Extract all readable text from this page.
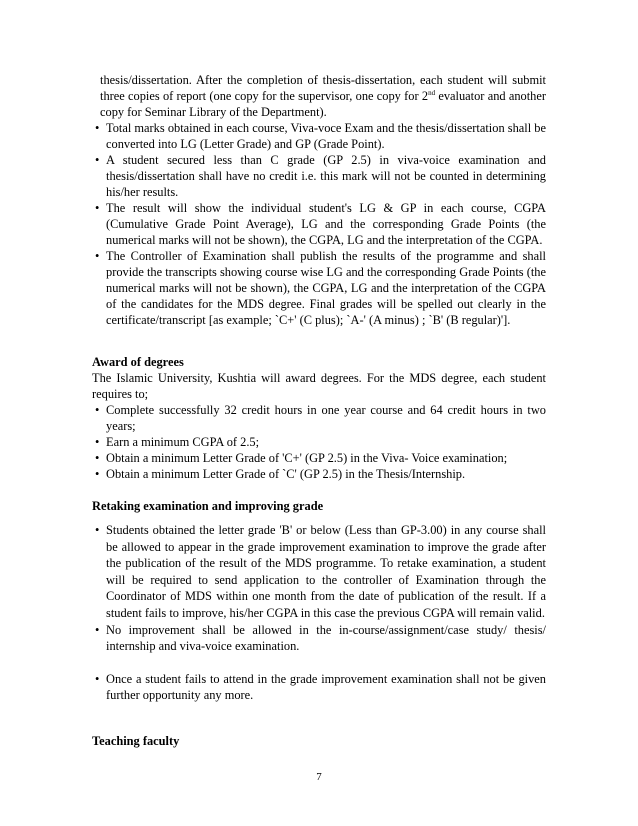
thesis/dissertation. After the completion of thesis-dissertation, each student will submit three copies of report (one copy for the supervisor, one copy for 2nd evaluator and another copy for Seminar Library of the Department).

• Total marks obtained in each course, Viva-voce Exam and the thesis/dissertation shall be converted into LG (Letter Grade) and GP (Grade Point).
• A student secured less than C grade (GP 2.5) in viva-voice examination and thesis/dissertation shall have no credit i.e. this mark will not be counted in determining his/her results.
• The result will show the individual student's LG & GP in each course, CGPA (Cumulative Grade Point Average), LG and the corresponding Grade Points (the numerical marks will not be shown), the CGPA, LG and the interpretation of the CGPA.
• The Controller of Examination shall publish the results of the programme and shall provide the transcripts showing course wise LG and the corresponding Grade Points (the numerical marks will not be shown), the CGPA, LG and the interpretation of the CGPA of the candidates for the MDS degree. Final grades will be spelled out clearly in the certificate/transcript [as example; `C+' (C plus); `A-' (A minus) ; `B' (B regular)'].
Award of degrees

The Islamic University, Kushtia will award degrees. For the MDS degree, each student requires to;

• Complete successfully 32 credit hours in one year course and 64 credit hours in two years;
• Earn a minimum CGPA of 2.5;
• Obtain a minimum Letter Grade of 'C+' (GP 2.5) in the Viva- Voice examination;
• Obtain a minimum Letter Grade of `C' (GP 2.5) in the Thesis/Internship.
Retaking examination and improving grade
• Students obtained the letter grade 'B' or below (Less than GP-3.00) in any course shall be allowed to appear in the grade improvement examination to improve the grade after the publication of the result of the MDS programme. To retake examination, a student will be required to send application to the controller of Examination through the Coordinator of MDS within one month from the date of publication of the result. If a student fails to improve, his/her CGPA in this case the previous CGPA will remain valid.
• No improvement shall be allowed in the in-course/assignment/case study/ thesis/ internship and viva-voice examination.
• Once a student fails to attend in the grade improvement examination shall not be given further opportunity any more.
Teaching faculty
7
